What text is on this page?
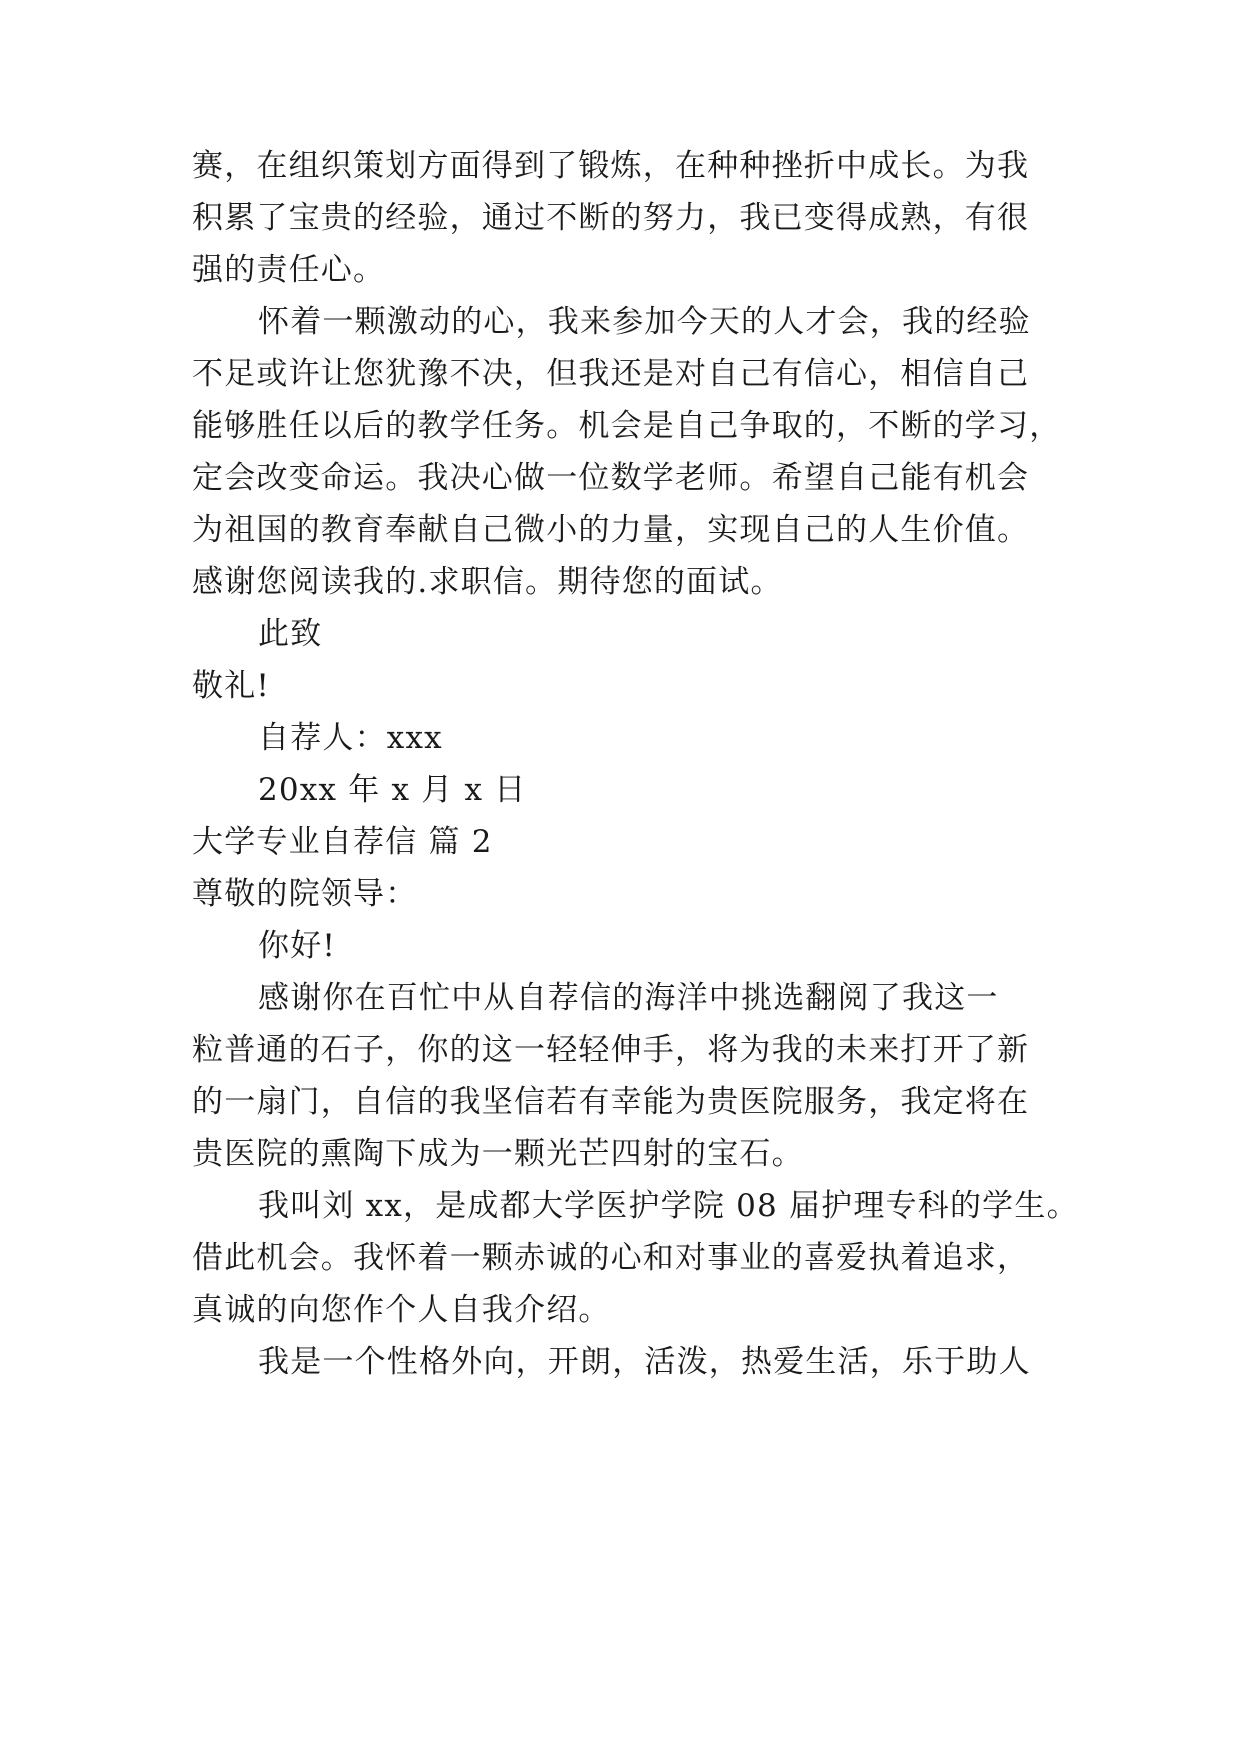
赛，在组织策划方面得到了锻炼，在种种挫折中成长。为我
积累了宝贵的经验，通过不断的努力，我已变得成熟，有很
强的责任心。
怀着一颗激动的心，我来参加今天的人才会，我的经验
不足或许让您犹豫不决，但我还是对自己有信心，相信自己
能够胜任以后的教学任务。机会是自己争取的，不断的学习，
定会改变命运。我决心做一位数学老师。希望自己能有机会
为祖国的教育奉献自己微小的力量，实现自己的人生价值。
感谢您阅读我的.求职信。期待您的面试。
此致
敬礼!
自荐人：xxx
20xx 年 x 月 x 日
大学专业自荐信 篇 2
尊敬的院领导：
你好!
感谢你在百忙中从自荐信的海洋中挑选翻阅了我这一
粒普通的石子，你的这一轻轻伸手，将为我的未来打开了新
的一扇门，自信的我坚信若有幸能为贵医院服务，我定将在
贵医院的熏陶下成为一颗光芒四射的宝石。
我叫刘 xx，是成都大学医护学院 08 届护理专科的学生。
借此机会。我怀着一颗赤诚的心和对事业的喜爱执着追求，
真诚的向您作个人自我介绍。
我是一个性格外向，开朗，活泼，热爱生活，乐于助人
